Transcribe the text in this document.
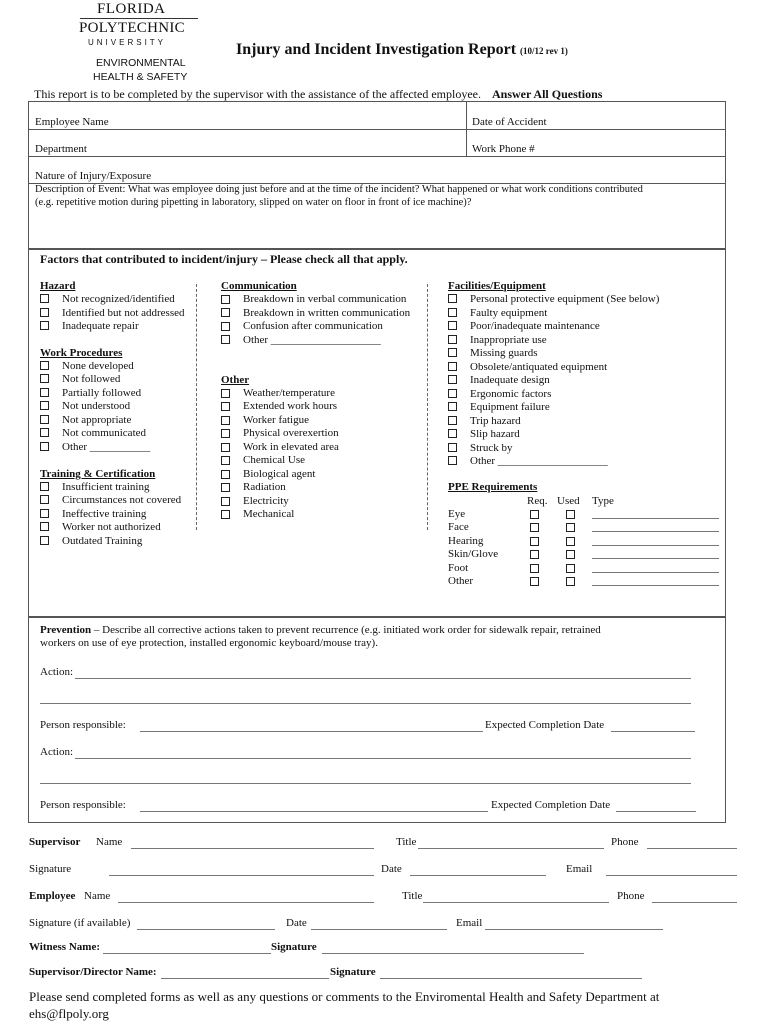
FLORIDA
POLYTECHNIC
UNIVERSITY
ENVIRONMENTAL
HEALTH & SAFETY
Injury and Incident Investigation Report (10/12 rev 1)
This report is to be completed by the supervisor with the assistance of the affected employee. Answer All Questions
Employee Name	Date of Accident
Department	Work Phone #
Nature of Injury/Exposure
Description of Event: What was employee doing just before and at the time of the incident? What happened or what work conditions contributed
(e.g. repetitive motion during pipetting in laboratory, slipped on water on floor in front of ice machine)?
Factors that contributed to incident/injury – Please check all that apply.
Hazard
Not recognized/identified
Identified but not addressed
Inadequate repair
Work Procedures
None developed
Not followed
Partially followed
Not understood
Not appropriate
Not communicated
Other ___________
Training & Certification
Insufficient training
Circumstances not covered
Ineffective training
Worker not authorized
Outdated Training
Communication
Breakdown in verbal communication
Breakdown in written communication
Confusion after communication
Other ____________________
Other
Weather/temperature
Extended work hours
Worker fatigue
Physical overexertion
Work in elevated area
Chemical Use
Biological agent
Radiation
Electricity
Mechanical
Facilities/Equipment
Personal protective equipment (See below)
Faulty equipment
Poor/inadequate maintenance
Inappropriate use
Missing guards
Obsolete/antiquated equipment
Inadequate design
Ergonomic factors
Equipment failure
Trip hazard
Slip hazard
Struck by
Other ____________________
PPE Requirements
Req. Used Type
Eye
Face
Hearing
Skin/Glove
Foot
Other
Prevention – Describe all corrective actions taken to prevent recurrence (e.g. initiated work order for sidewalk repair, retrained
workers on use of eye protection, installed ergonomic keyboard/mouse tray).
Action:
Person responsible:	Expected Completion Date
Action:
Person responsible:	Expected Completion Date
Supervisor Name	Title	Phone
Signature	Date	Email
Employee Name	Title	Phone
Signature (if available)	Date	Email
Witness Name:	Signature
Supervisor/Director Name:	Signature
Please send completed forms as well as any questions or comments to the Enviromental Health and Safety Department at
ehs@flpoly.org
